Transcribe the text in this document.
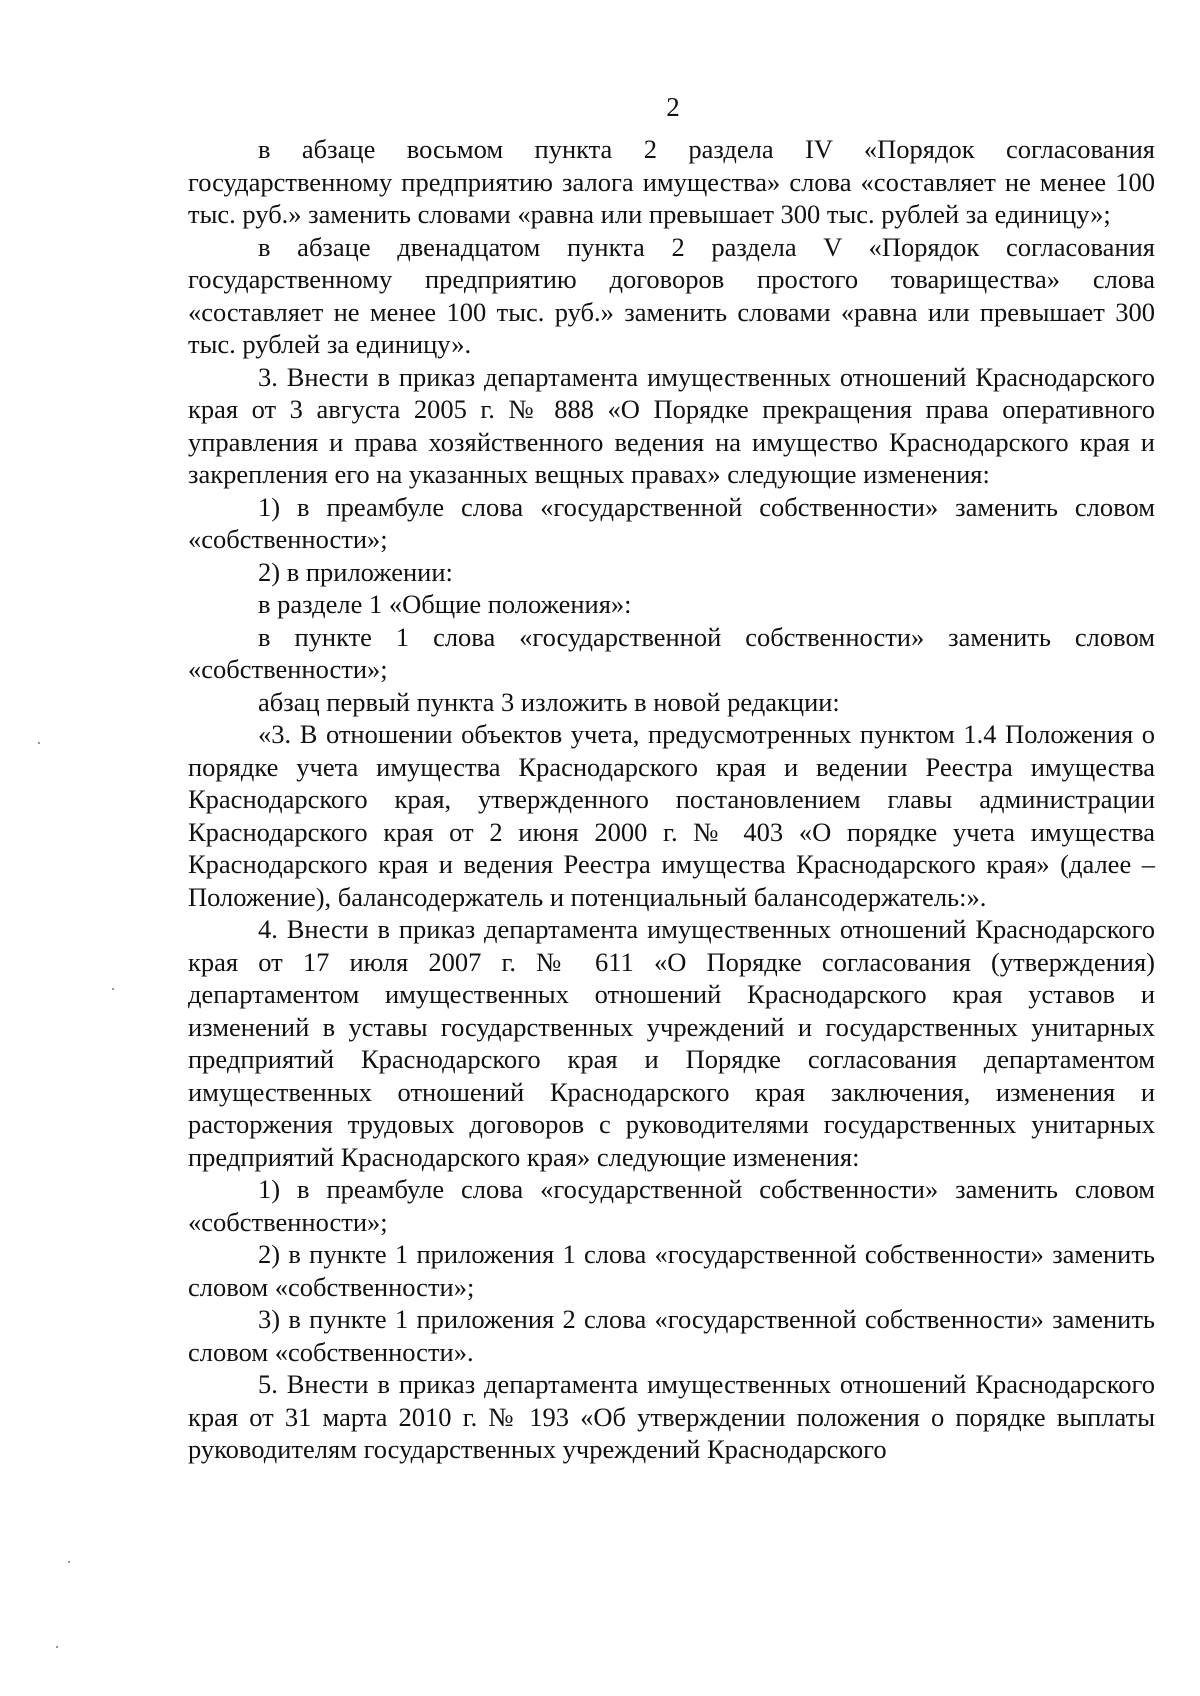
2

в абзаце восьмом пункта 2 раздела IV «Порядок согласования государственному предприятию залога имущества» слова «составляет не менее 100 тыс. руб.» заменить словами «равна или превышает 300 тыс. рублей за единицу»;

в абзаце двенадцатом пункта 2 раздела V «Порядок согласования государственному предприятию договоров простого товарищества» слова «составляет не менее 100 тыс. руб.» заменить словами «равна или превышает 300 тыс. рублей за единицу».

3. Внести в приказ департамента имущественных отношений Краснодарского края от 3 августа 2005 г. № 888 «О Порядке прекращения права оперативного управления и права хозяйственного ведения на имущество Краснодарского края и закрепления его на указанных вещных правах» следующие изменения:

1) в преамбуле слова «государственной собственности» заменить словом «собственности»;

2) в приложении:

в разделе 1 «Общие положения»:

в пункте 1 слова «государственной собственности» заменить словом «собственности»;

абзац первый пункта 3 изложить в новой редакции:

«3. В отношении объектов учета, предусмотренных пунктом 1.4 Положения о порядке учета имущества Краснодарского края и ведении Реестра имущества Краснодарского края, утвержденного постановлением главы администрации Краснодарского края от 2 июня 2000 г. № 403 «О порядке учета имущества Краснодарского края и ведения Реестра имущества Краснодарского края» (далее – Положение), балансодержатель и потенциальный балансодержатель:».

4. Внести в приказ департамента имущественных отношений Краснодарского края от 17 июля 2007 г. № 611 «О Порядке согласования (утверждения) департаментом имущественных отношений Краснодарского края уставов и изменений в уставы государственных учреждений и государственных унитарных предприятий Краснодарского края и Порядке согласования департаментом имущественных отношений Краснодарского края заключения, изменения и расторжения трудовых договоров с руководителями государственных унитарных предприятий Краснодарского края» следующие изменения:

1) в преамбуле слова «государственной собственности» заменить словом «собственности»;

2) в пункте 1 приложения 1 слова «государственной собственности» заменить словом «собственности»;

3) в пункте 1 приложения 2 слова «государственной собственности» заменить словом «собственности».

5. Внести в приказ департамента имущественных отношений Краснодарского края от 31 марта 2010 г. № 193 «Об утверждении положения о порядке выплаты руководителям государственных учреждений Краснодарского
